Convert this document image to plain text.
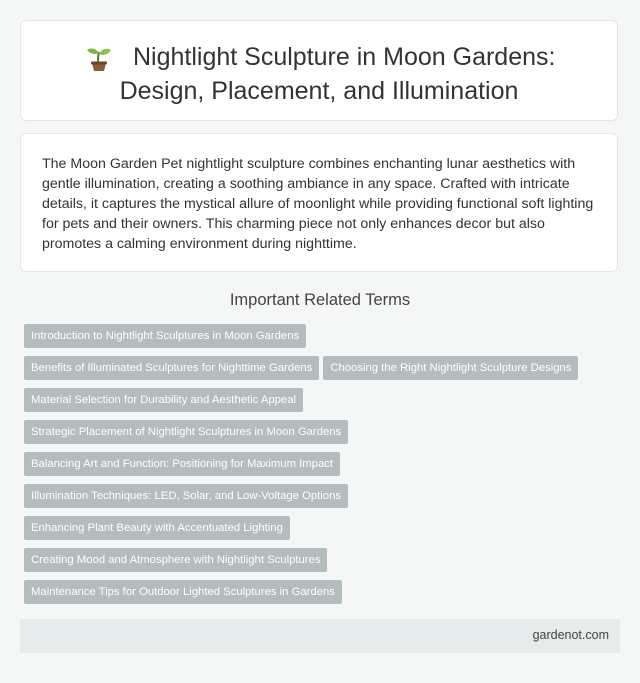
Nightlight Sculpture in Moon Gardens: Design, Placement, and Illumination

The Moon Garden Pet nightlight sculpture combines enchanting lunar aesthetics with gentle illumination, creating a soothing ambiance in any space. Crafted with intricate details, it captures the mystical allure of moonlight while providing functional soft lighting for pets and their owners. This charming piece not only enhances decor but also promotes a calming environment during nighttime.

Important Related Terms
Introduction to Nightlight Sculptures in Moon Gardens
Benefits of Illuminated Sculptures for Nighttime Gardens Choosing the Right Nightlight Sculpture Designs
Material Selection for Durability and Aesthetic Appeal
Strategic Placement of Nightlight Sculptures in Moon Gardens
Balancing Art and Function: Positioning for Maximum Impact
Illumination Techniques: LED, Solar, and Low-Voltage Options
Enhancing Plant Beauty with Accentuated Lighting
Creating Mood and Atmosphere with Nightlight Sculptures
Maintenance Tips for Outdoor Lighted Sculptures in Gardens
gardenot.com
